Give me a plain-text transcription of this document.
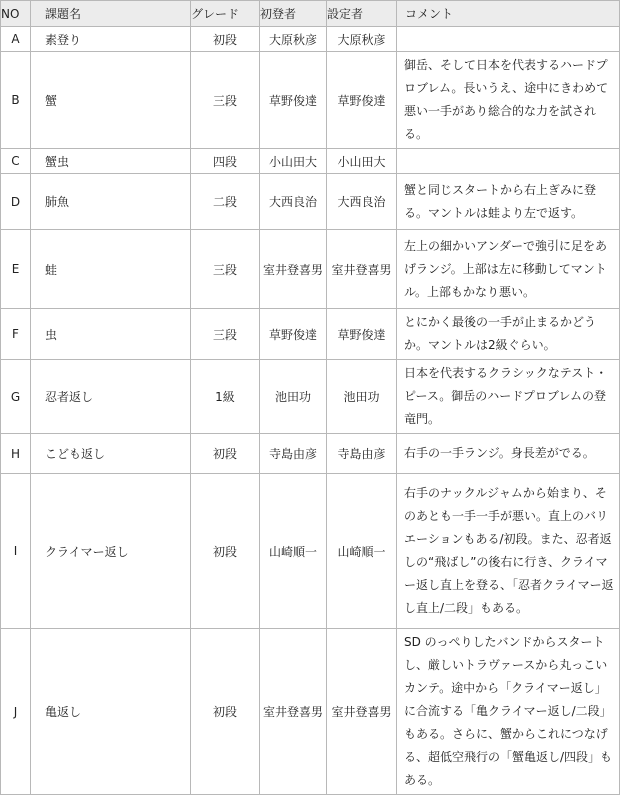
NO	課題名	グレード	初登者	設定者	コメント
A	素登り	初段	大原秋彦	大原秋彦	
B	蟹	三段	草野俊達	草野俊達	御岳、そして日本を代表するハードプロブレム。長いうえ、途中にきわめて悪い一手があり総合的な力を試される。
C	蟹虫	四段	小山田大	小山田大	
D	肺魚	二段	大西良治	大西良治	蟹と同じスタートから右上ぎみに登る。マントルは蛙より左で返す。
E	蛙	三段	室井登喜男	室井登喜男	左上の細かいアンダーで強引に足をあげランジ。上部は左に移動してマントル。上部もかなり悪い。
F	虫	三段	草野俊達	草野俊達	とにかく最後の一手が止まるかどうか。マントルは2級ぐらい。
G	忍者返し	1級	池田功	池田功	日本を代表するクラシックなテスト・ピース。御岳のハードプロブレムの登竜門。
H	こども返し	初段	寺島由彦	寺島由彦	右手の一手ランジ。身長差がでる。
I	クライマー返し	初段	山崎順一	山崎順一	右手のナックルジャムから始まり、そのあとも一手一手が悪い。直上のバリエーションもある/初段。また、忍者返しの“飛ばし”の後右に行き、クライマー返し直上を登る、「忍者クライマー返し直上/二段」もある。
J	亀返し	初段	室井登喜男	室井登喜男	SD のっぺりしたバンドからスタートし、厳しいトラヴァースから丸っこいカンテ。途中から「クライマー返し」に合流する「亀クライマー返し/二段」もある。さらに、蟹からこれにつなげる、超低空飛行の「蟹亀返し/四段」もある。
